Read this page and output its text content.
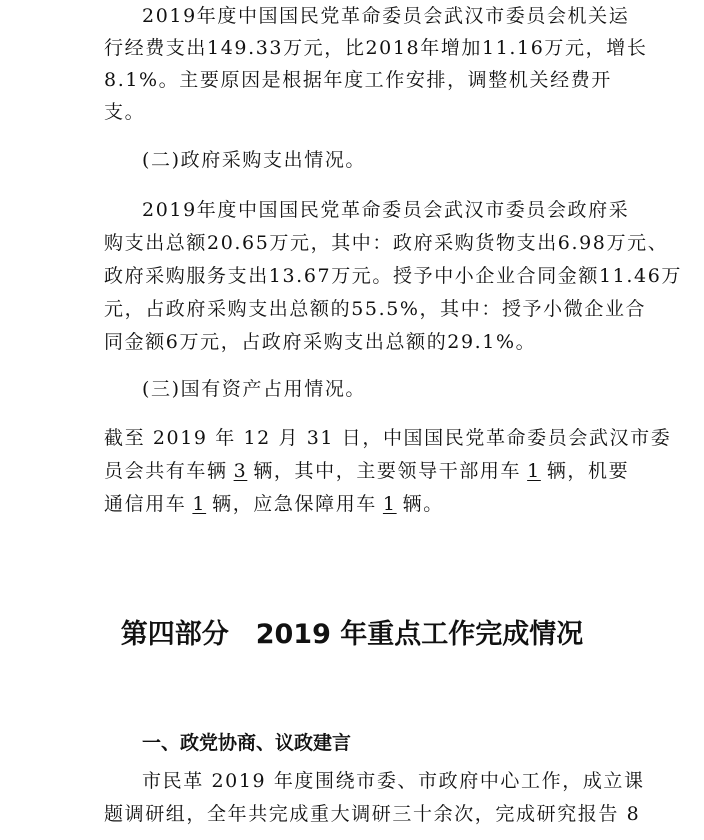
2019年度中国国民党革命委员会武汉市委员会机关运
行经费支出149.33万元，比2018年增加11.16万元，增长
8.1%。主要原因是根据年度工作安排，调整机关经费开
支。
(二)政府采购支出情况。
2019年度中国国民党革命委员会武汉市委员会政府采
购支出总额20.65万元，其中：政府采购货物支出6.98万元、
政府采购服务支出13.67万元。授予中小企业合同金额11.46万
元，占政府采购支出总额的55.5%，其中：授予小微企业合
同金额6万元，占政府采购支出总额的29.1%。
(三)国有资产占用情况。
截至 2019 年 12 月 31 日，中国国民党革命委员会武汉市委
员会共有车辆 3 辆，其中，主要领导干部用车 1 辆，机要
通信用车 1 辆，应急保障用车 1 辆。
第四部分　2019 年重点工作完成情况
一、政党协商、议政建言
市民革 2019 年度围绕市委、市政府中心工作，成立课
题调研组，全年共完成重大调研三十余次，完成研究报告 8
